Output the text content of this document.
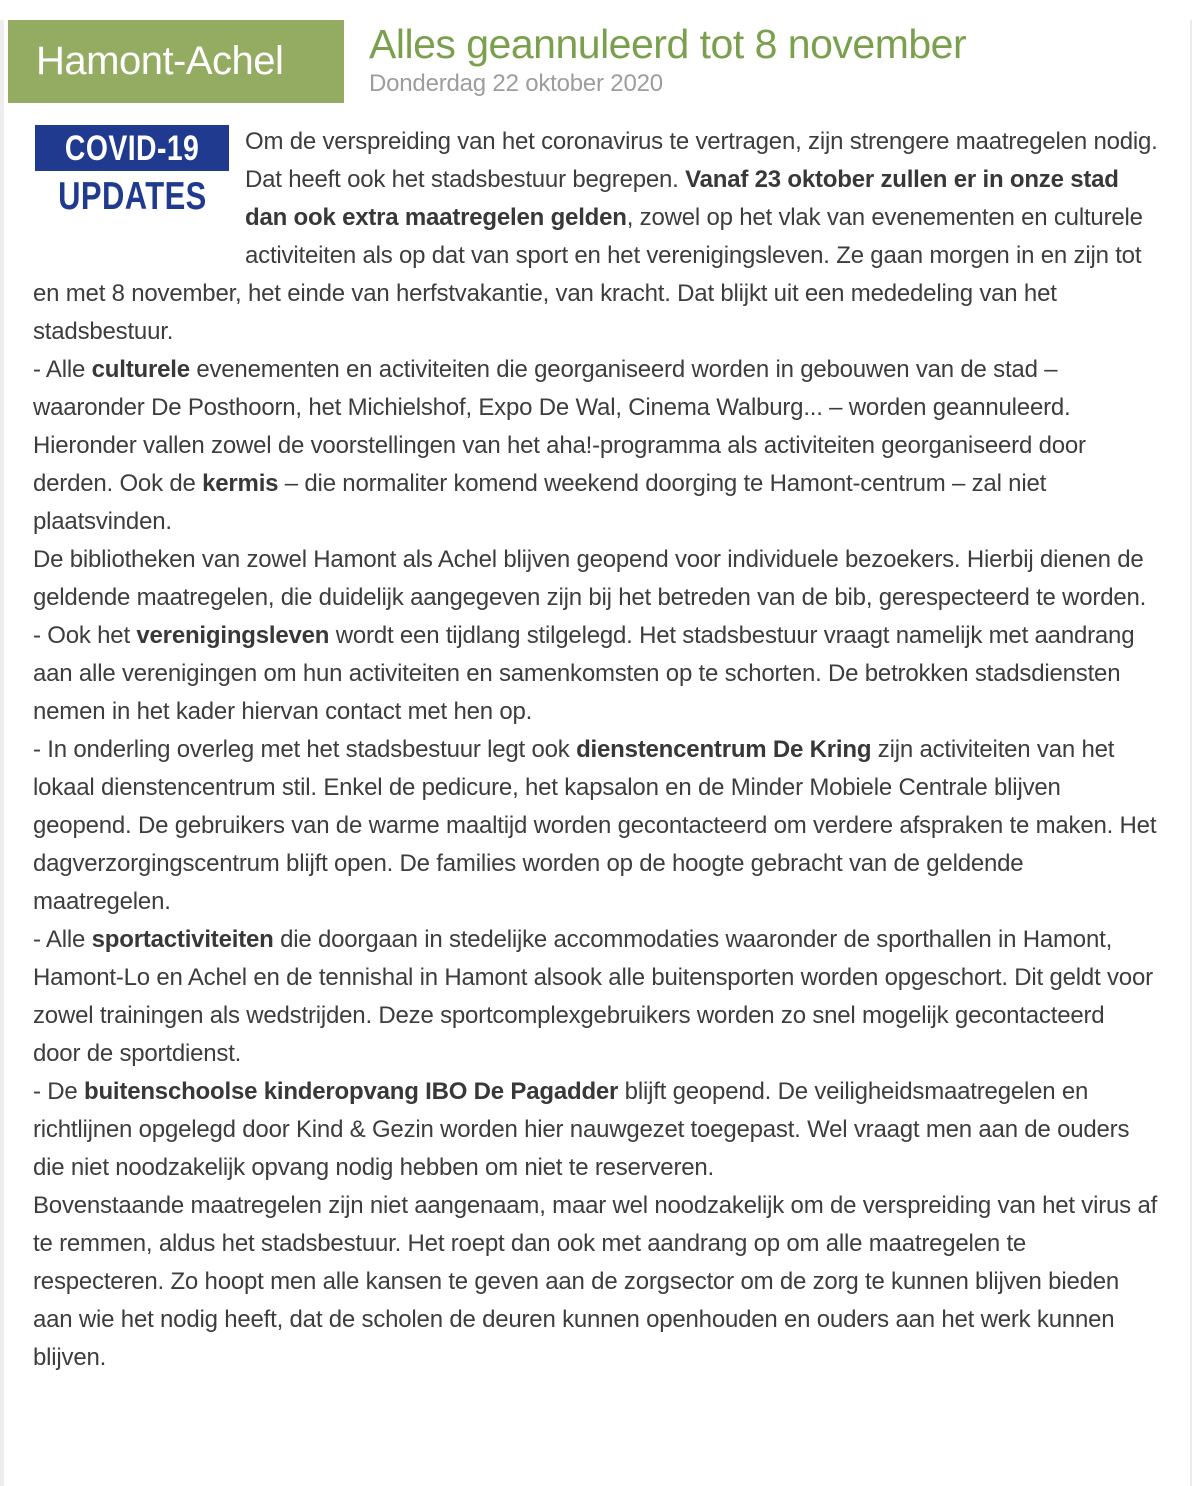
Hamont-Achel Alles geannuleerd tot 8 november
Donderdag 22 oktober 2020
COVID-19
UPDATES

Om de verspreiding van het coronavirus te vertragen, zijn strengere maatregelen nodig. Dat heeft ook het stadsbestuur begrepen. Vanaf 23 oktober zullen er in onze stad dan ook extra maatregelen gelden, zowel op het vlak van evenementen en culturele activiteiten als op dat van sport en het verenigingsleven. Ze gaan morgen in en zijn tot en met 8 november, het einde van herfstvakantie, van kracht. Dat blijkt uit een mededeling van het stadsbestuur.

- Alle culturele evenementen en activiteiten die georganiseerd worden in gebouwen van de stad – waaronder De Posthoorn, het Michielshof, Expo De Wal, Cinema Walburg... – worden geannuleerd. Hieronder vallen zowel de voorstellingen van het aha!-programma als activiteiten georganiseerd door derden. Ook de kermis – die normaliter komend weekend doorging te Hamont-centrum – zal niet plaatsvinden.

De bibliotheken van zowel Hamont als Achel blijven geopend voor individuele bezoekers. Hierbij dienen de geldende maatregelen, die duidelijk aangegeven zijn bij het betreden van de bib, gerespecteerd te worden.

- Ook het verenigingsleven wordt een tijdlang stilgelegd. Het stadsbestuur vraagt namelijk met aandrang aan alle verenigingen om hun activiteiten en samenkomsten op te schorten. De betrokken stadsdiensten nemen in het kader hiervan contact met hen op.

- In onderling overleg met het stadsbestuur legt ook dienstencentrum De Kring zijn activiteiten van het lokaal dienstencentrum stil. Enkel de pedicure, het kapsalon en de Minder Mobiele Centrale blijven geopend. De gebruikers van de warme maaltijd worden gecontacteerd om verdere afspraken te maken. Het dagverzorgingscentrum blijft open. De families worden op de hoogte gebracht van de geldende maatregelen.

- Alle sportactiviteiten die doorgaan in stedelijke accommodaties waaronder de sporthallen in Hamont, Hamont-Lo en Achel en de tennishal in Hamont alsook alle buitensporten worden opgeschort. Dit geldt voor zowel trainingen als wedstrijden. Deze sportcomplexgebruikers worden zo snel mogelijk gecontacteerd door de sportdienst.

- De buitenschoolse kinderopvang IBO De Pagadder blijft geopend. De veiligheidsmaatregelen en richtlijnen opgelegd door Kind & Gezin worden hier nauwgezet toegepast. Wel vraagt men aan de ouders die niet noodzakelijk opvang nodig hebben om niet te reserveren.

Bovenstaande maatregelen zijn niet aangenaam, maar wel noodzakelijk om de verspreiding van het virus af te remmen, aldus het stadsbestuur. Het roept dan ook met aandrang op om alle maatregelen te respecteren. Zo hoopt men alle kansen te geven aan de zorgsector om de zorg te kunnen blijven bieden aan wie het nodig heeft, dat de scholen de deuren kunnen openhouden en ouders aan het werk kunnen blijven.
